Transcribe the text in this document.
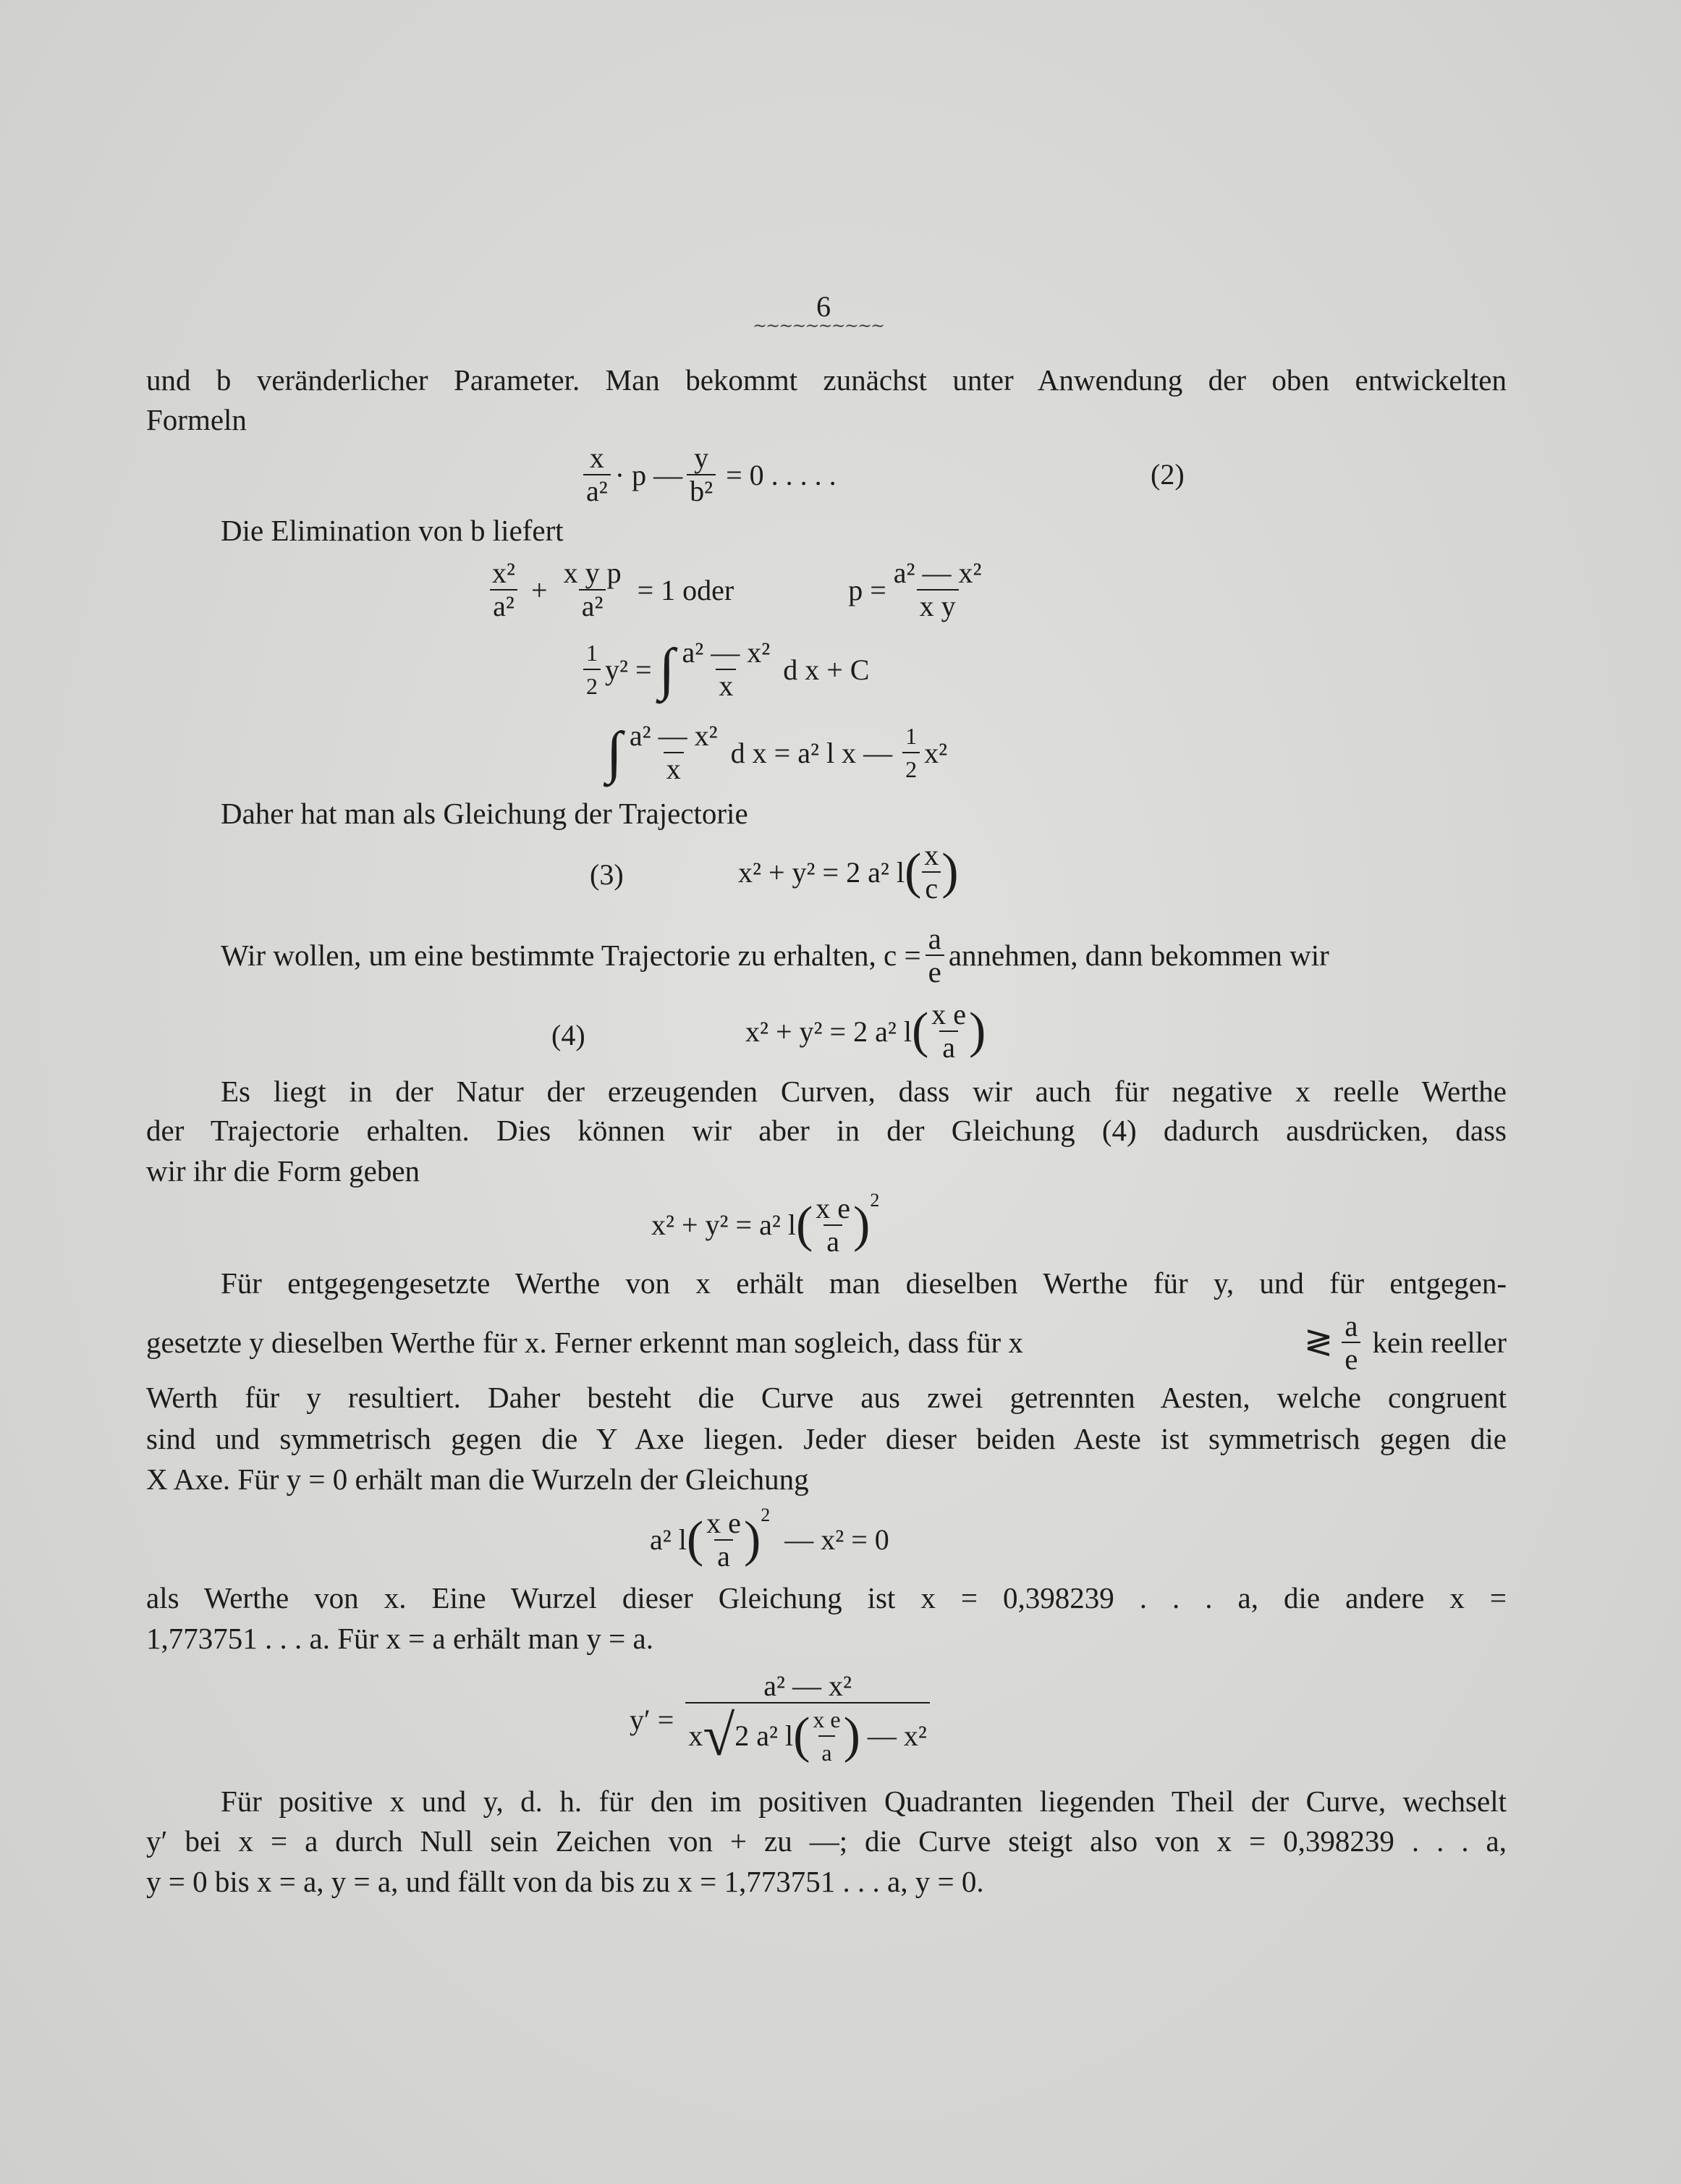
6
~~~~~~~~~~
und b veränderlicher Parameter. Man bekommt zunächst unter Anwendung der oben entwickelten
Formeln
$\frac{x}{\text{a²}} \cdot p$ — $\frac{y}{\text{b²}} = 0$ . . . . .	(2)
Die Elimination von b liefert
$\frac{\text{x²}}{\text{a²}} + \frac{\text{x y p}}{\text{a²}} = 1$ oder	$p = \frac{\text{a² — x²}}{\text{x y}}$
$\frac{1}{2} y^2$ = ∫ $\frac{\text{a² — x²}}{x}$ d x + C
∫ $\frac{\text{a² — x²}}{x}$ d x = a² l x — $\frac{1}{2} x^2$
Daher hat man als Gleichung der Trajectorie
(3)	x² + y² = 2 a² l ( $\frac{x}{c}$ )
Wir wollen, um eine bestimmte Trajectorie zu erhalten, $c = \frac{a}{e}$ annehmen, dann bekommen wir
(4)	x² + y² = 2 a² l ( $\frac{\text{x e}}{a}$ )
Es liegt in der Natur der erzeugenden Curven, dass wir auch für negative x reelle Werthe
der Trajectorie erhalten. Dies können wir aber in der Gleichung (4) dadurch ausdrücken, dass
wir ihr die Form geben
x² + y² = a² l ( $\frac{\text{x e}}{a}$ ) 2
Für entgegengesetzte Werthe von x erhält man dieselben Werthe für y, und für entgegen-
gesetzte y dieselben Werthe für x. Ferner erkennt man sogleich, dass für x	≷ $\frac{a}{e}$ kein reeller
Werth für y resultiert. Daher besteht die Curve aus zwei getrennten Aesten, welche congruent
sind und symmetrisch gegen die Y Axe liegen. Jeder dieser beiden Aeste ist symmetrisch gegen die
X Axe. Für y = 0 erhält man die Wurzeln der Gleichung
a² l ( $\frac{\text{x e}}{a}$ ) 2
— x² = 0
als Werthe von x. Eine Wurzel dieser Gleichung ist x = 0,398239 . . . a, die andere x =
1,773751 . . . a. Für x = a erhält man y = a.
y′ =
a² — x²
x √ 2 a² l ( $\frac{\text{x e}}{a}$ ) — x²
Für positive x und y, d. h. für den im positiven Quadranten liegenden Theil der Curve, wechselt
y′ bei x = a durch Null sein Zeichen von + zu —; die Curve steigt also von x = 0,398239 . . . a,
y = 0 bis x = a, y = a, und fällt von da bis zu x = 1,773751 . . . a, y = 0.
